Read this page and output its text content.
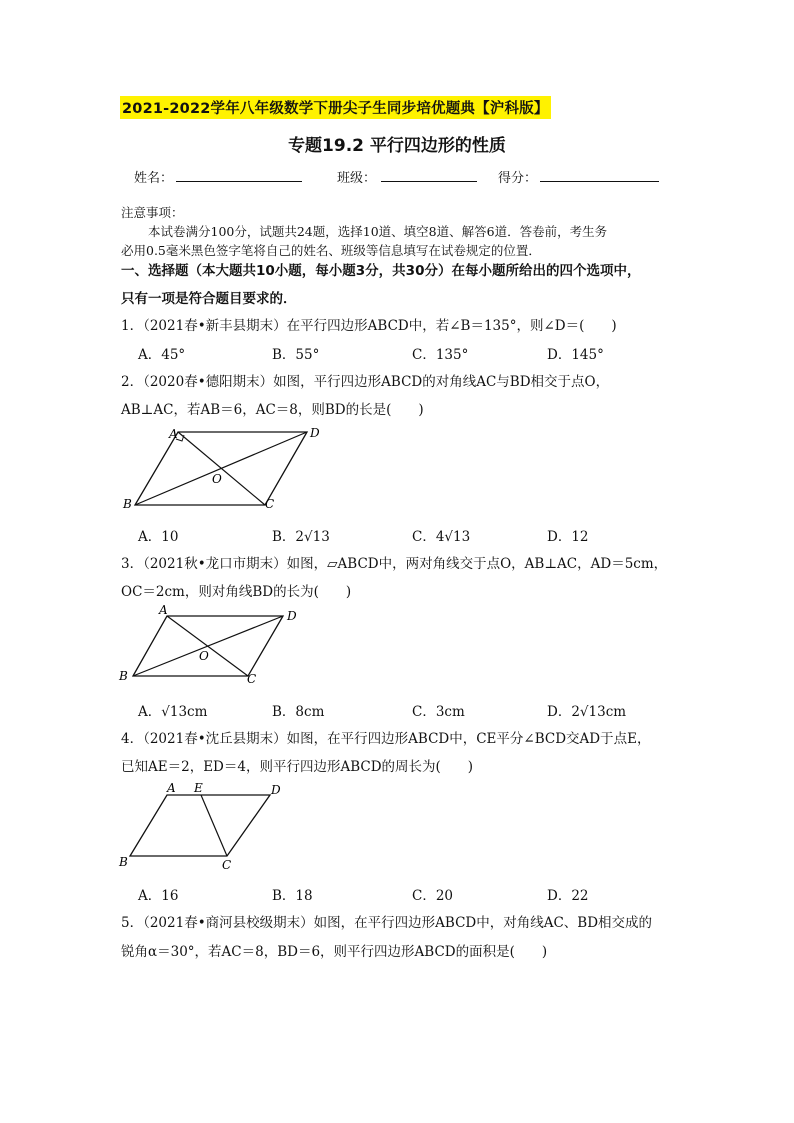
2021-2022学年八年级数学下册尖子生同步培优题典【沪科版】
专题19.2 平行四边形的性质
姓名：	班级：	得分：
注意事项：
本试卷满分100分，试题共24题，选择10道、填空8道、解答6道．答卷前，考生务
必用0.5毫米黑色签字笔将自己的姓名、班级等信息填写在试卷规定的位置．
一、选择题（本大题共10小题，每小题3分，共30分）在每小题所给出的四个选项中，
只有一项是符合题目要求的．
1．（2021春•新丰县期末）在平行四边形ABCD中，若∠B＝135°，则∠D＝(　　)
A．45°	B．55°	C．135°	D．145°
2．（2020春•德阳期末）如图，平行四边形ABCD的对角线AC与BD相交于点O，
AB⊥AC，若AB＝6，AC＝8，则BD的长是(　　)
A	D
B	C
O
A．10	B．2√13	C．4√13	D．12
3．（2021秋•龙口市期末）如图，▱ABCD中，两对角线交于点O，AB⊥AC，AD＝5cm，
OC＝2cm，则对角线BD的长为(　　)
A	D
B	C
O
A．√13cm	B．8cm	C．3cm	D．2√13cm
4．（2021春•沈丘县期末）如图，在平行四边形ABCD中，CE平分∠BCD交AD于点E，
已知AE＝2，ED＝4，则平行四边形ABCD的周长为(　　)
A E	D
B	C
A．16	B．18	C．20	D．22
5．（2021春•商河县校级期末）如图，在平行四边形ABCD中，对角线AC、BD相交成的
锐角α＝30°，若AC＝8，BD＝6，则平行四边形ABCD的面积是(　　)
